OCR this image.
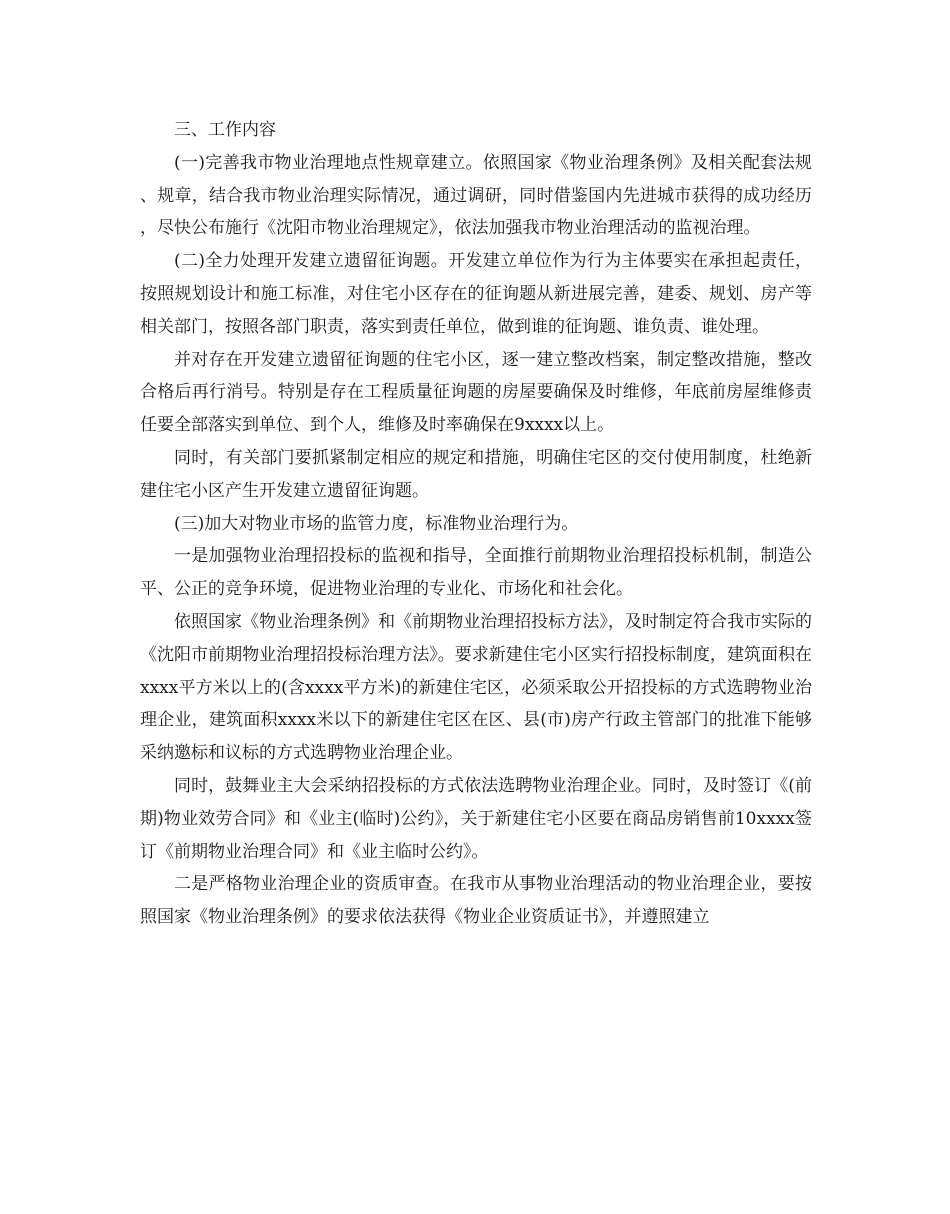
三、工作内容

(一)完善我市物业治理地点性规章建立。依照国家《物业治理条例》及相关配套法规、规章，结合我市物业治理实际情况，通过调研，同时借鉴国内先进城市获得的成功经历，尽快公布施行《沈阳市物业治理规定》，依法加强我市物业治理活动的监视治理。

(二)全力处理开发建立遗留征询题。开发建立单位作为行为主体要实在承担起责任，按照规划设计和施工标准，对住宅小区存在的征询题从新进展完善，建委、规划、房产等相关部门，按照各部门职责，落实到责任单位，做到谁的征询题、谁负责、谁处理。

并对存在开发建立遗留征询题的住宅小区，逐一建立整改档案，制定整改措施，整改合格后再行消号。特别是存在工程质量征询题的房屋要确保及时维修，年底前房屋维修责任要全部落实到单位、到个人，维修及时率确保在9xxxx以上。

同时，有关部门要抓紧制定相应的规定和措施，明确住宅区的交付使用制度，杜绝新建住宅小区产生开发建立遗留征询题。

(三)加大对物业市场的监管力度，标准物业治理行为。

一是加强物业治理招投标的监视和指导，全面推行前期物业治理招投标机制，制造公平、公正的竞争环境，促进物业治理的专业化、市场化和社会化。

依照国家《物业治理条例》和《前期物业治理招投标方法》，及时制定符合我市实际的《沈阳市前期物业治理招投标治理方法》。要求新建住宅小区实行招投标制度，建筑面积在xxxx平方米以上的(含xxxx平方米)的新建住宅区，必须采取公开招投标的方式选聘物业治理企业，建筑面积xxxx米以下的新建住宅区在区、县(市)房产行政主管部门的批准下能够采纳邀标和议标的方式选聘物业治理企业。

同时，鼓舞业主大会采纳招投标的方式依法选聘物业治理企业。同时，及时签订《(前期)物业效劳合同》和《业主(临时)公约》，关于新建住宅小区要在商品房销售前10xxxx签订《前期物业治理合同》和《业主临时公约》。

二是严格物业治理企业的资质审查。在我市从事物业治理活动的物业治理企业，要按照国家《物业治理条例》的要求依法获得《物业企业资质证书》，并遵照建立
